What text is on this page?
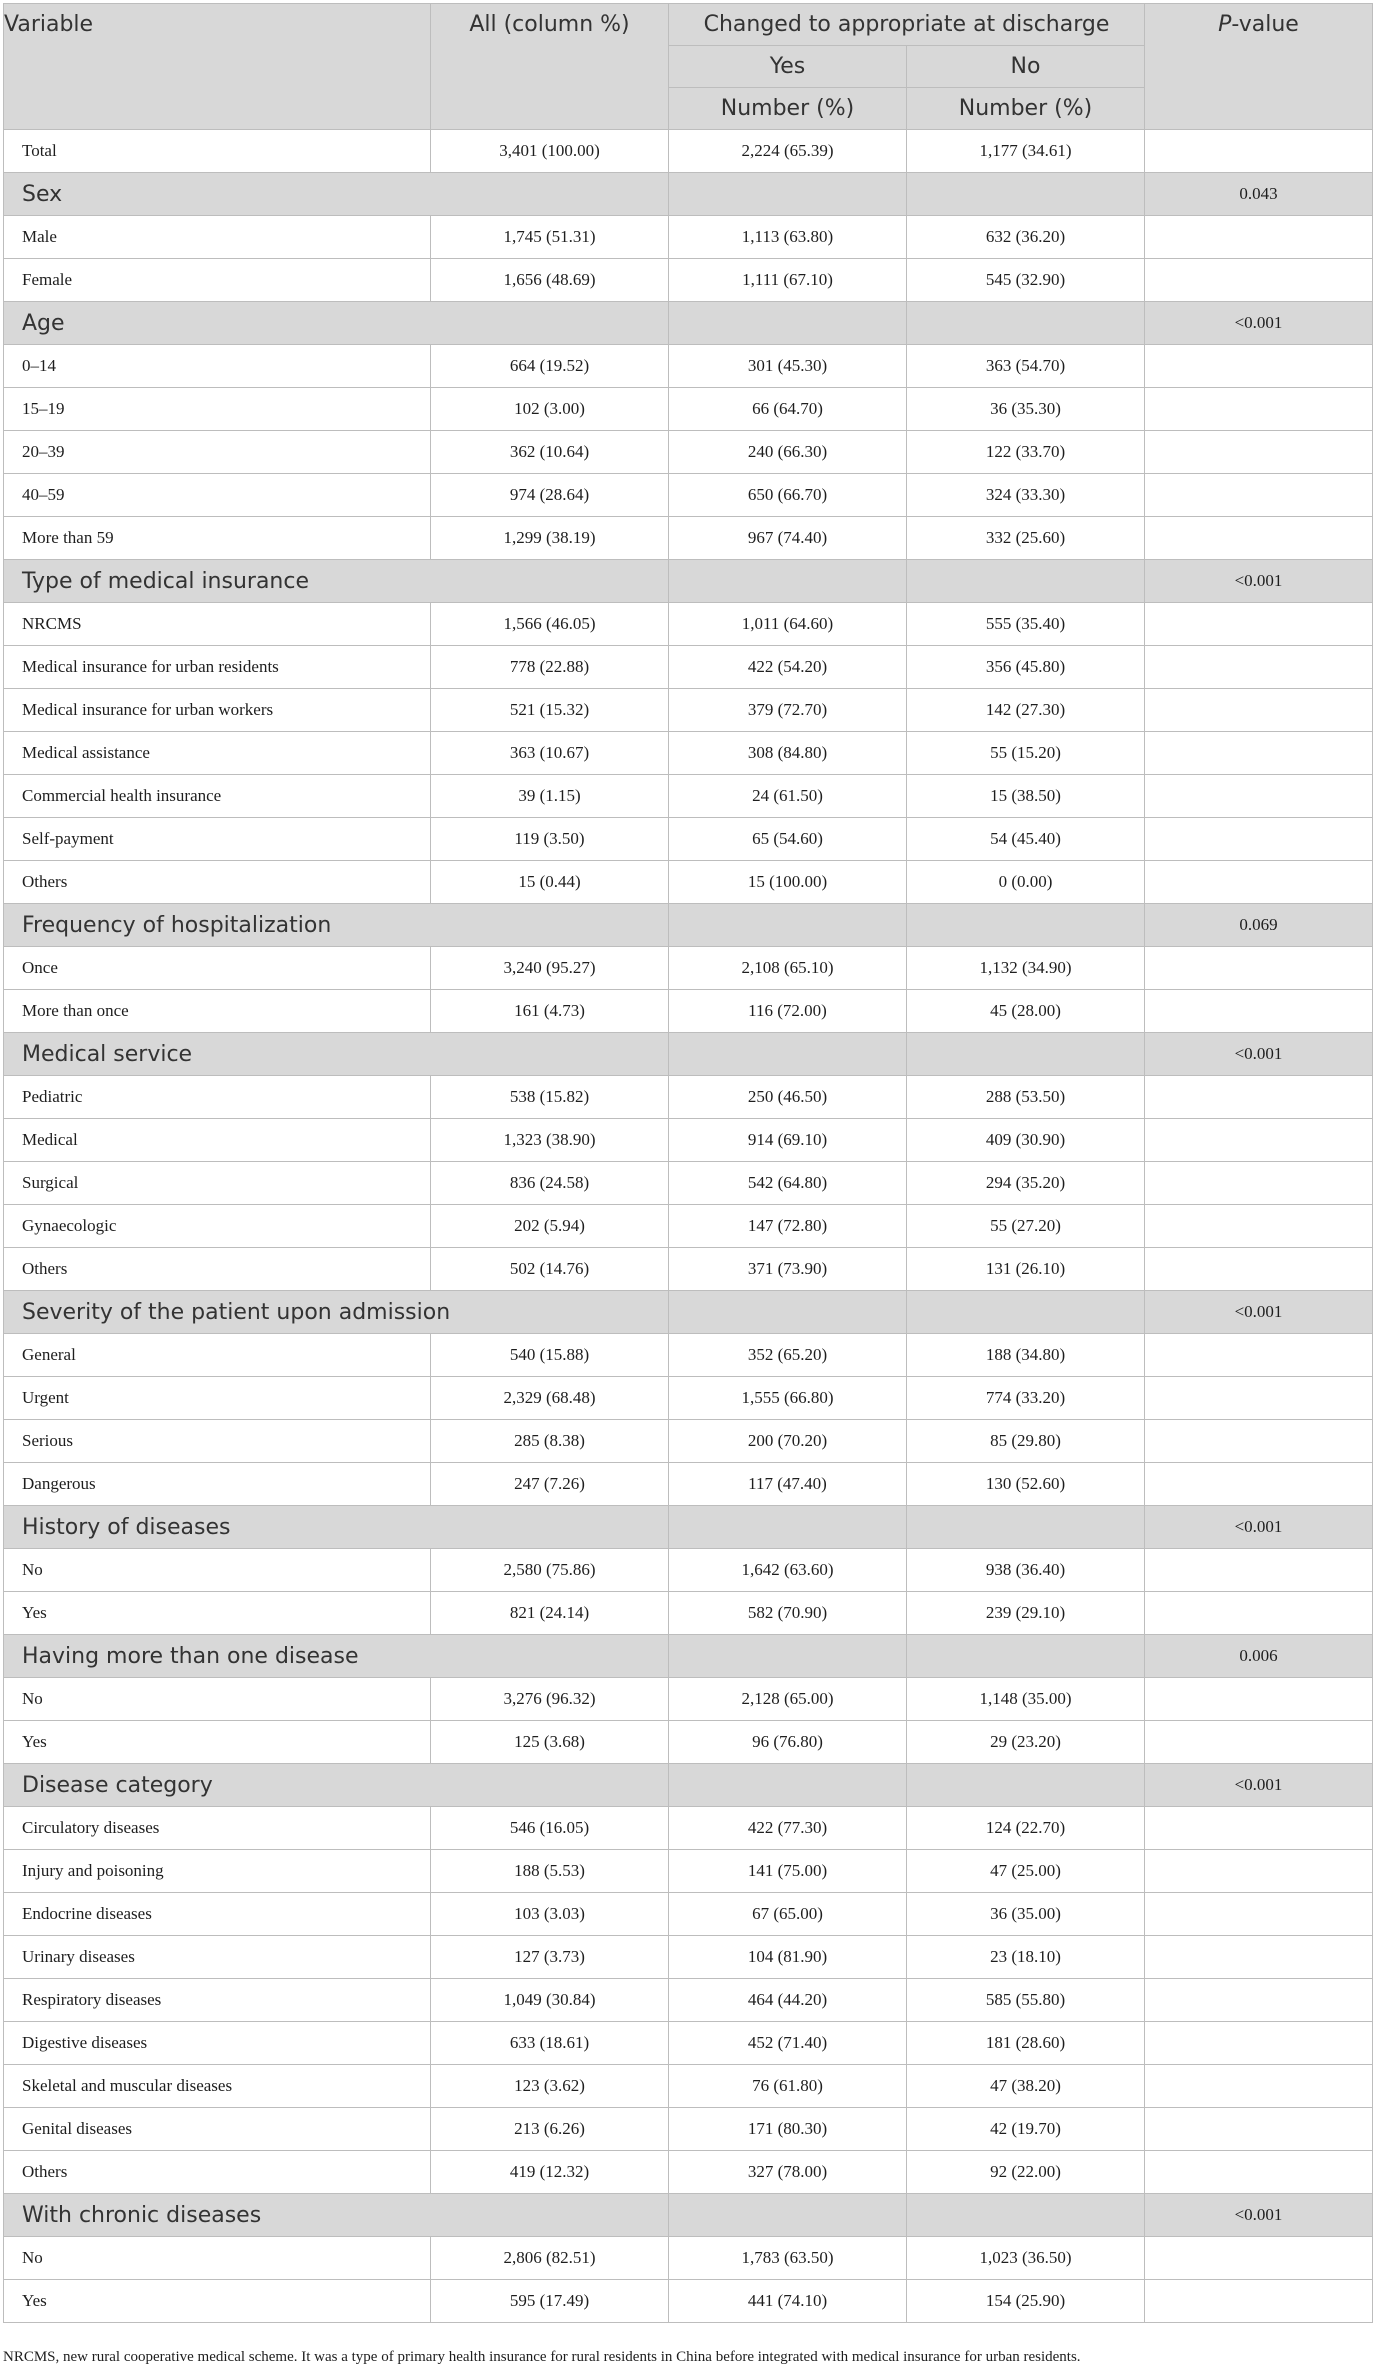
Variable	All (column %)	Changed to appropriate at discharge		P-value
		Yes	No	
		Number (%)	Number (%)	
Total	3,401 (100.00)	2,224 (65.39)	1,177 (34.61)	
Sex				0.043
Male	1,745 (51.31)	1,113 (63.80)	632 (36.20)	
Female	1,656 (48.69)	1,111 (67.10)	545 (32.90)	
Age				<0.001
0–14	664 (19.52)	301 (45.30)	363 (54.70)	
15–19	102 (3.00)	66 (64.70)	36 (35.30)	
20–39	362 (10.64)	240 (66.30)	122 (33.70)	
40–59	974 (28.64)	650 (66.70)	324 (33.30)	
More than 59	1,299 (38.19)	967 (74.40)	332 (25.60)	
Type of medical insurance				<0.001
NRCMS	1,566 (46.05)	1,011 (64.60)	555 (35.40)	
Medical insurance for urban residents	778 (22.88)	422 (54.20)	356 (45.80)	
Medical insurance for urban workers	521 (15.32)	379 (72.70)	142 (27.30)	
Medical assistance	363 (10.67)	308 (84.80)	55 (15.20)	
Commercial health insurance	39 (1.15)	24 (61.50)	15 (38.50)	
Self-payment	119 (3.50)	65 (54.60)	54 (45.40)	
Others	15 (0.44)	15 (100.00)	0 (0.00)	
Frequency of hospitalization				0.069
Once	3,240 (95.27)	2,108 (65.10)	1,132 (34.90)	
More than once	161 (4.73)	116 (72.00)	45 (28.00)	
Medical service				<0.001
Pediatric	538 (15.82)	250 (46.50)	288 (53.50)	
Medical	1,323 (38.90)	914 (69.10)	409 (30.90)	
Surgical	836 (24.58)	542 (64.80)	294 (35.20)	
Gynaecologic	202 (5.94)	147 (72.80)	55 (27.20)	
Others	502 (14.76)	371 (73.90)	131 (26.10)	
Severity of the patient upon admission				<0.001
General	540 (15.88)	352 (65.20)	188 (34.80)	
Urgent	2,329 (68.48)	1,555 (66.80)	774 (33.20)	
Serious	285 (8.38)	200 (70.20)	85 (29.80)	
Dangerous	247 (7.26)	117 (47.40)	130 (52.60)	
History of diseases				<0.001
No	2,580 (75.86)	1,642 (63.60)	938 (36.40)	
Yes	821 (24.14)	582 (70.90)	239 (29.10)	
Having more than one disease				0.006
No	3,276 (96.32)	2,128 (65.00)	1,148 (35.00)	
Yes	125 (3.68)	96 (76.80)	29 (23.20)	
Disease category				<0.001
Circulatory diseases	546 (16.05)	422 (77.30)	124 (22.70)	
Injury and poisoning	188 (5.53)	141 (75.00)	47 (25.00)	
Endocrine diseases	103 (3.03)	67 (65.00)	36 (35.00)	
Urinary diseases	127 (3.73)	104 (81.90)	23 (18.10)	
Respiratory diseases	1,049 (30.84)	464 (44.20)	585 (55.80)	
Digestive diseases	633 (18.61)	452 (71.40)	181 (28.60)	
Skeletal and muscular diseases	123 (3.62)	76 (61.80)	47 (38.20)	
Genital diseases	213 (6.26)	171 (80.30)	42 (19.70)	
Others	419 (12.32)	327 (78.00)	92 (22.00)	
With chronic diseases				<0.001
No	2,806 (82.51)	1,783 (63.50)	1,023 (36.50)	
Yes	595 (17.49)	441 (74.10)	154 (25.90)	
NRCMS, new rural cooperative medical scheme. It was a type of primary health insurance for rural residents in China before integrated with medical insurance for urban residents.
